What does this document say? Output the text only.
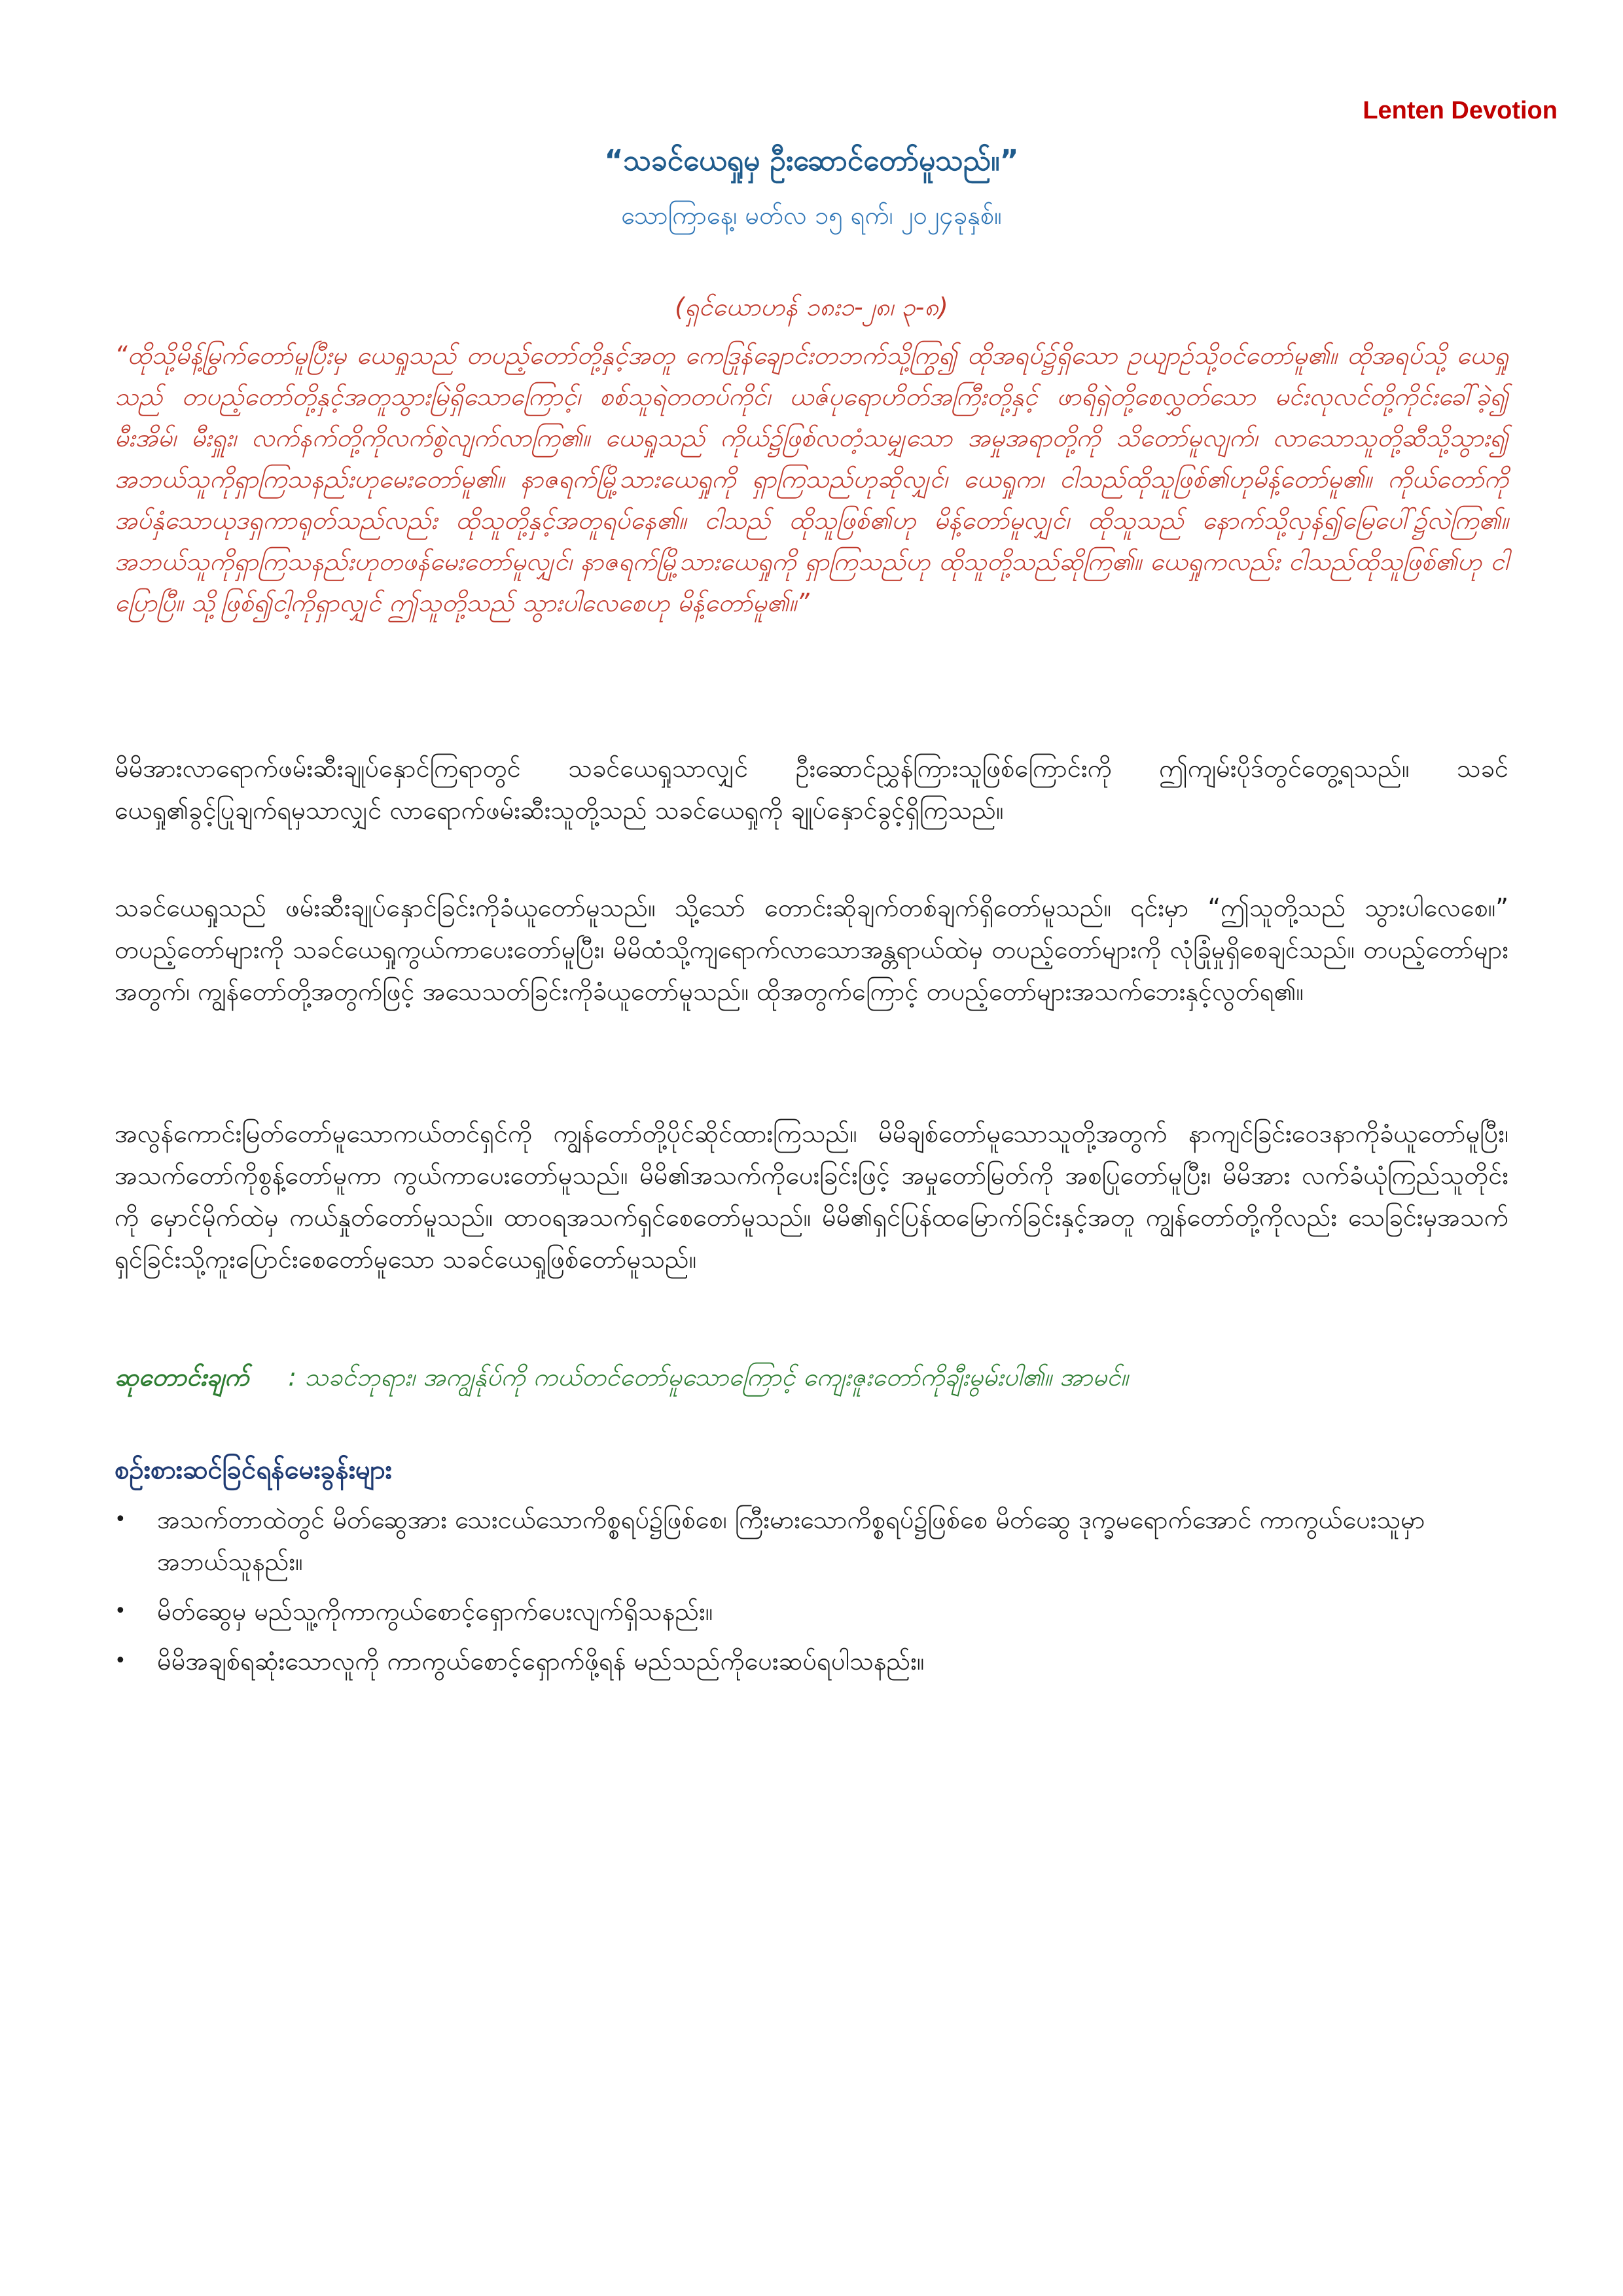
Lenten Devotion
“သခင်ယေရှုမှ ဦးဆောင်တော်မူသည်။”
သောကြာနေ့၊ မတ်လ ၁၅ ရက်၊ ၂၀၂၄ခုနှစ်။
(ရှင်ယောဟန် ၁၈း၁-၂၈၊ ၃-၈)
“ထိုသို့မိန့်မြွက်တော်မူပြီးမှ ယေရှုသည် တပည့်တော်တို့နှင့်အတူ ကေဒြုန်ချောင်းတဘက်သို့ကြွ၍ ထိုအရပ်၌ရှိသော ဥယျာဉ်သို့ဝင်တော်မူ၏။ ထိုအရပ်သို့ ယေရှုသည် တပည့်တော်တို့နှင့်အတူသွားမြဲရှိသောကြောင့်၊ စစ်သူရဲတတပ်ကိုင်၊ ယဇ်ပုရောဟိတ်အကြီးတို့နှင့် ဖာရိရှဲတို့စေလွှတ်သော မင်းလုလင်တို့ကိုင်းခေါ်ခဲ့၍ မီးအိမ်၊ မီးရှူး၊ လက်နက်တို့ကိုလက်စွဲလျက်လာကြ၏။ ယေရှုသည် ကိုယ်၌ဖြစ်လတံ့သမျှသော အမှုအရာတို့ကို သိတော်မူလျက်၊ လာသောသူတို့ဆီသို့သွား၍ အဘယ်သူကိုရှာကြသနည်းဟုမေးတော်မူ၏။ နာဇရက်မြို့သားယေရှုကို ရှာကြသည်ဟုဆိုလျှင်၊ ယေရှုက၊ ငါသည်ထိုသူဖြစ်၏ဟုမိန့်တော်မူ၏။ ကိုယ်တော်ကိုအပ်နှံသောယုဒရှကာရုတ်သည်လည်း ထိုသူတို့နှင့်အတူရပ်နေ၏။ ငါသည် ထိုသူဖြစ်၏ဟု မိန့်တော်မူလျှင်၊ ထိုသူသည် နောက်သို့လှန်၍မြေပေါ်၌လဲကြ၏။ အဘယ်သူကိုရှာကြသနည်းဟုတဖန်မေးတော်မူလျှင်၊ နာဇရက်မြို့သားယေရှုကို ရှာကြသည်ဟု ထိုသူတို့သည်ဆိုကြ၏။ ယေရှုကလည်း ငါသည်ထိုသူဖြစ်၏ဟု ငါပြောပြီ။ သို့ဖြစ်၍ငါ့ကိုရှာလျှင် ဤသူတို့သည် သွားပါလေစေဟု မိန့်တော်မူ၏။”
မိမိအားလာရောက်ဖမ်းဆီးချုပ်နှောင်ကြရာတွင် သခင်ယေရှုသာလျှင် ဦးဆောင်ညွှန်ကြားသူဖြစ်ကြောင်းကို ဤကျမ်းပိုဒ်တွင်တွေ့ရသည်။ သခင်ယေရှု၏ခွင့်ပြုချက်ရမှသာလျှင် လာရောက်ဖမ်းဆီးသူတို့သည် သခင်ယေရှုကို ချုပ်နှောင်ခွင့်ရှိကြသည်။
သခင်ယေရှုသည် ဖမ်းဆီးချုပ်နှောင်ခြင်းကိုခံယူတော်မူသည်။ သို့သော် တောင်းဆိုချက်တစ်ချက်ရှိတော်မူသည်။ ၎င်းမှာ “ဤသူတို့သည် သွားပါလေစေ။” တပည့်တော်များကို သခင်ယေရှုကွယ်ကာပေးတော်မူပြီး၊ မိမိထံသို့ကျရောက်လာသောအန္တရာယ်ထဲမှ တပည့်တော်များကို လုံခြုံမှုရှိစေချင်သည်။ တပည့်တော်များအတွက်၊ ကျွန်တော်တို့အတွက်ဖြင့် အသေသတ်ခြင်းကိုခံယူတော်မူသည်။ ထိုအတွက်ကြောင့် တပည့်တော်များအသက်ဘေးနှင့်လွတ်ရ၏။
အလွန်ကောင်းမြတ်တော်မူသောကယ်တင်ရှင်ကို ကျွန်တော်တို့ပိုင်ဆိုင်ထားကြသည်။ မိမိချစ်တော်မူသောသူတို့အတွက် နာကျင်ခြင်းဝေဒနာကိုခံယူတော်မူပြီး၊ အသက်တော်ကိုစွန့်တော်မူကာ ကွယ်ကာပေးတော်မူသည်။ မိမိ၏အသက်ကိုပေးခြင်းဖြင့် အမှုတော်မြတ်ကို အစပြုတော်မူပြီး၊ မိမိအား လက်ခံယုံကြည်သူတိုင်းကို မှောင်မိုက်ထဲမှ ကယ်နှုတ်တော်မူသည်။ ထာဝရအသက်ရှင်စေတော်မူသည်။ မိမိ၏ရှင်ပြန်ထမြောက်ခြင်းနှင့်အတူ ကျွန်တော်တို့ကိုလည်း သေခြင်းမှအသက်ရှင်ခြင်းသို့ကူးပြောင်းစေတော်မူသော သခင်ယေရှုဖြစ်တော်မူသည်။
ဆုတောင်းချက် : သခင်ဘုရား၊ အကျွန်ုပ်ကို ကယ်တင်တော်မူသောကြောင့် ကျေးဇူးတော်ကိုချီးမွမ်းပါ၏။ အာမင်။
စဉ်းစားဆင်ခြင်ရန်မေးခွန်းများ
•	အသက်တာထဲတွင် မိတ်ဆွေအား သေးငယ်သောကိစ္စရပ်၌ဖြစ်စေ၊ ကြီးမားသောကိစ္စရပ်၌ဖြစ်စေ မိတ်ဆွေ ဒုက္ခမရောက်အောင် ကာကွယ်ပေးသူမှာ အဘယ်သူနည်း။
•	မိတ်ဆွေမှ မည်သူ့ကိုကာကွယ်စောင့်ရှောက်ပေးလျက်ရှိသနည်း။
•	မိမိအချစ်ရဆုံးသောလူကို ကာကွယ်စောင့်ရှောက်ဖို့ရန် မည်သည်ကိုပေးဆပ်ရပါသနည်း။
